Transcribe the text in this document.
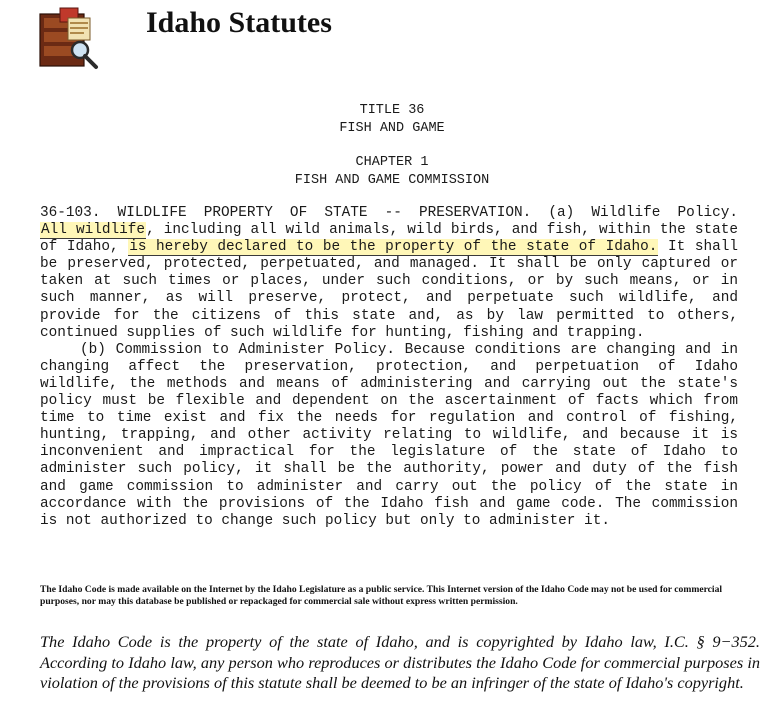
Idaho Statutes
TITLE 36
FISH AND GAME
CHAPTER 1
FISH AND GAME COMMISSION

36-103. WILDLIFE PROPERTY OF STATE -- PRESERVATION. (a) Wildlife Policy.

All wildlife, including all wild animals, wild birds, and fish, within the state of Idaho, is hereby declared to be the property of the state of Idaho. It shall be preserved, protected, perpetuated, and managed. It shall be only captured or taken at such times or places, under such conditions, or by such means, or in such manner, as will preserve, protect, and perpetuate such wildlife, and provide for the citizens of this state and, as by law permitted to others, continued supplies of such wildlife for hunting, fishing and trapping.

(b) Commission to Administer Policy. Because conditions are changing and in changing affect the preservation, protection, and perpetuation of Idaho wildlife, the methods and means of administering and carrying out the state's policy must be flexible and dependent on the ascertainment of facts which from time to time exist and fix the needs for regulation and control of fishing, hunting, trapping, and other activity relating to wildlife, and because it is inconvenient and impractical for the legislature of the state of Idaho to administer such policy, it shall be the authority, power and duty of the fish and game commission to administer and carry out the policy of the state in accordance with the provisions of the Idaho fish and game code. The commission is not authorized to change such policy but only to administer it.

The Idaho Code is made available on the Internet by the Idaho Legislature as a public service. This Internet version of the Idaho Code may not be used for commercial purposes, nor may this database be published or repackaged for commercial sale without express written permission.
The Idaho Code is the property of the state of Idaho, and is copyrighted by Idaho law, I.C. § 9−352. According to Idaho law, any person who reproduces or distributes the Idaho Code for commercial purposes in violation of the provisions of this statute shall be deemed to be an infringer of the state of Idaho's copyright.
